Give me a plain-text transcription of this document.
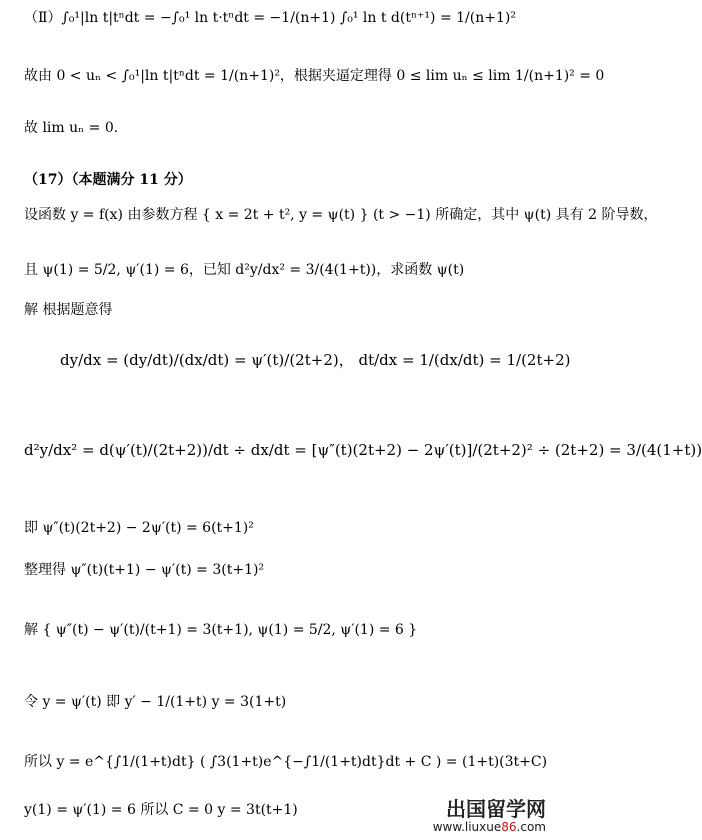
（Ⅱ）∫₀¹|ln t|tⁿdt = −∫₀¹ ln t·tⁿdt = −1/(n+1) ∫₀¹ ln t d(tⁿ⁺¹) = 1/(n+1)²
故由 0 < uₙ < ∫₀¹|ln t|tⁿdt = 1/(n+1)²，根据夹逼定理得 0 ≤ lim uₙ ≤ lim 1/(n+1)² = 0
故 lim uₙ = 0.
（17）（本题满分 11 分）
设函数 y = f(x) 由参数方程 { x = 2t + t², y = ψ(t) } (t > −1) 所确定，其中 ψ(t) 具有 2 阶导数，
且 ψ(1) = 5/2, ψ′(1) = 6，已知 d²y/dx² = 3/(4(1+t))，求函数 ψ(t)
解 根据题意得
dy/dx = (dy/dt)/(dx/dt) = ψ′(t)/(2t+2)， dt/dx = 1/(dx/dt) = 1/(2t+2)
d²y/dx² = d(ψ′(t)/(2t+2))/dt ÷ dx/dt = [ψ″(t)(2t+2) − 2ψ′(t)]/(2t+2)² ÷ (2t+2) = 3/(4(1+t))
即 ψ″(t)(2t+2) − 2ψ′(t) = 6(t+1)²
整理得 ψ″(t)(t+1) − ψ′(t) = 3(t+1)²
解 { ψ″(t) − ψ′(t)/(t+1) = 3(t+1), ψ(1) = 5/2, ψ′(1) = 6 }
令 y = ψ′(t) 即 y′ − 1/(1+t) y = 3(1+t)
所以 y = e^{∫1/(1+t)dt} ( ∫3(1+t)e^{−∫1/(1+t)dt}dt + C ) = (1+t)(3t+C)
y(1) = ψ′(1) = 6 所以 C = 0 y = 3t(t+1)	出国留学网
www.liuxue86.com
